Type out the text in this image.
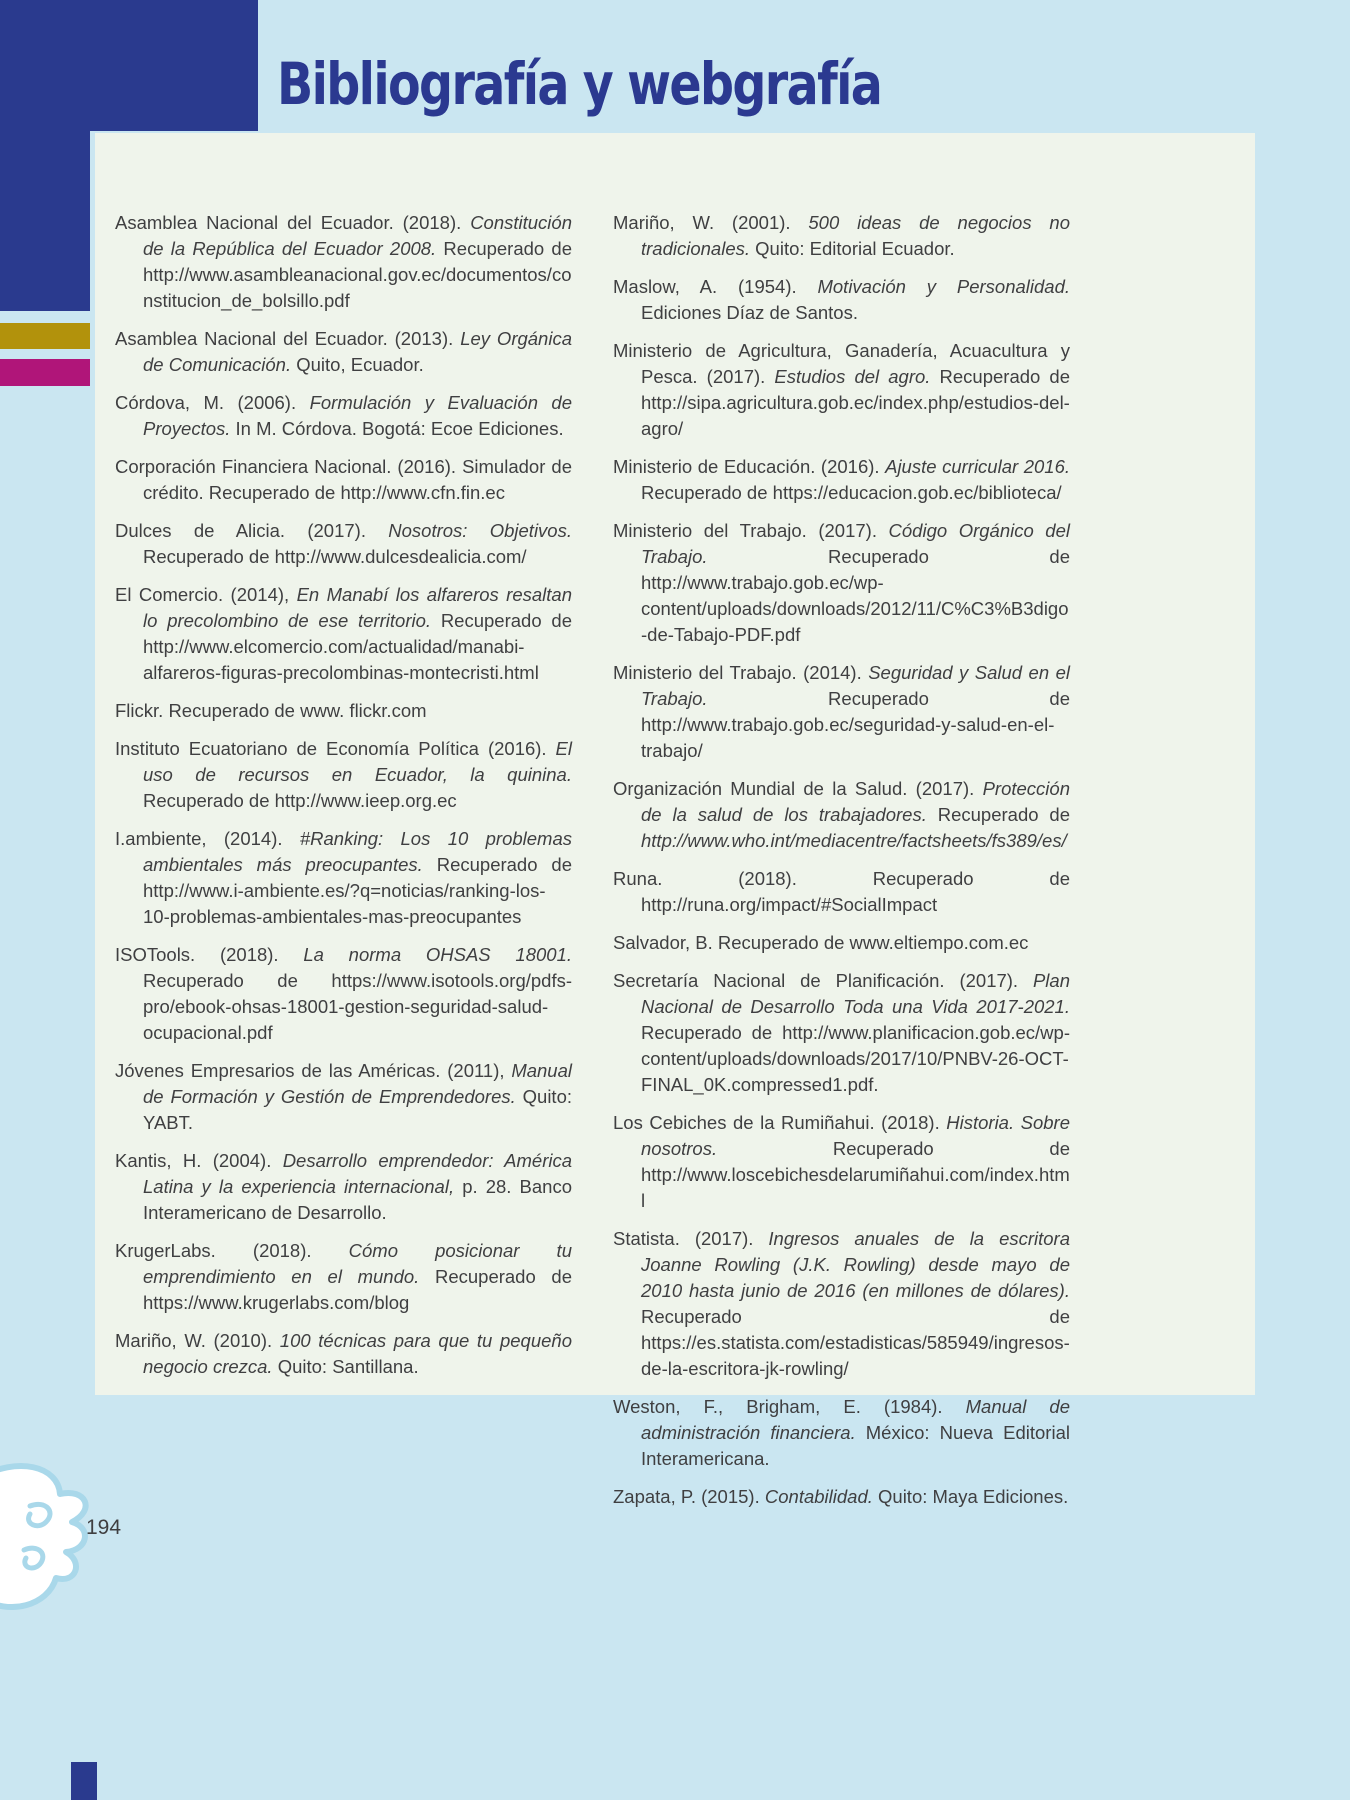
Bibliografía y webgrafía

Asamblea Nacional del Ecuador. (2018). Constitución de la República del Ecuador 2008. Recuperado de http://www.asambleanacional.gov.ec/documentos/constitucion_de_bolsillo.pdf

Asamblea Nacional del Ecuador. (2013). Ley Orgánica de Comunicación. Quito, Ecuador.

Córdova, M. (2006). Formulación y Evaluación de Proyectos. In M. Córdova. Bogotá: Ecoe Ediciones.

Corporación Financiera Nacional. (2016). Simulador de crédito. Recuperado de http://www.cfn.fin.ec

Dulces de Alicia. (2017). Nosotros: Objetivos. Recuperado de http://www.dulcesdealicia.com/

El Comercio. (2014), En Manabí los alfareros resaltan lo precolombino de ese territorio. Recuperado de http://www.elcomercio.com/actualidad/manabi-alfareros-figuras-precolombinas-montecristi.html

Flickr. Recuperado de www. flickr.com

Instituto Ecuatoriano de Economía Política (2016). El uso de recursos en Ecuador, la quinina. Recuperado de http://www.ieep.org.ec

I.ambiente, (2014). #Ranking: Los 10 problemas ambientales más preocupantes. Recuperado de http://www.i-ambiente.es/?q=noticias/ranking-los-10-problemas-ambientales-mas-preocupantes

ISOTools. (2018). La norma OHSAS 18001. Recuperado de https://www.isotools.org/pdfs-pro/ebook-ohsas-18001-gestion-seguridad-salud-ocupacional.pdf

Jóvenes Empresarios de las Américas. (2011), Manual de Formación y Gestión de Emprendedores. Quito: YABT.

Kantis, H. (2004). Desarrollo emprendedor: América Latina y la experiencia internacional, p. 28. Banco Interamericano de Desarrollo.

KrugerLabs. (2018). Cómo posicionar tu emprendimiento en el mundo. Recuperado de https://www.krugerlabs.com/blog

Mariño, W. (2010). 100 técnicas para que tu pequeño negocio crezca. Quito: Santillana.

Mariño, W. (2001). 500 ideas de negocios no tradicionales. Quito: Editorial Ecuador.

Maslow, A. (1954). Motivación y Personalidad. Ediciones Díaz de Santos.

Ministerio de Agricultura, Ganadería, Acuacultura y Pesca. (2017). Estudios del agro. Recuperado de http://sipa.agricultura.gob.ec/index.php/estudios-del-agro/

Ministerio de Educación. (2016). Ajuste curricular 2016. Recuperado de https://educacion.gob.ec/biblioteca/

Ministerio del Trabajo. (2017). Código Orgánico del Trabajo. Recuperado de http://www.trabajo.gob.ec/wp-content/uploads/downloads/2012/11/C%C3%B3digo-de-Tabajo-PDF.pdf

Ministerio del Trabajo. (2014). Seguridad y Salud en el Trabajo. Recuperado de http://www.trabajo.gob.ec/seguridad-y-salud-en-el-trabajo/

Organización Mundial de la Salud. (2017). Protección de la salud de los trabajadores. Recuperado de http://www.who.int/mediacentre/factsheets/fs389/es/

Runa. (2018). Recuperado de http://runa.org/impact/#SocialImpact

Salvador, B. Recuperado de www.eltiempo.com.ec

Secretaría Nacional de Planificación. (2017). Plan Nacional de Desarrollo Toda una Vida 2017-2021. Recuperado de http://www.planificacion.gob.ec/wp-content/uploads/downloads/2017/10/PNBV-26-OCT-FINAL_0K.compressed1.pdf.

Los Cebiches de la Rumiñahui. (2018). Historia. Sobre nosotros. Recuperado de http://www.loscebichesdelarumiñahui.com/index.html

Statista. (2017). Ingresos anuales de la escritora Joanne Rowling (J.K. Rowling) desde mayo de 2010 hasta junio de 2016 (en millones de dólares). Recuperado de https://es.statista.com/estadisticas/585949/ingresos-de-la-escritora-jk-rowling/

Weston, F., Brigham, E. (1984). Manual de administración financiera. México: Nueva Editorial Interamericana.

Zapata, P. (2015). Contabilidad. Quito: Maya Ediciones.

194
